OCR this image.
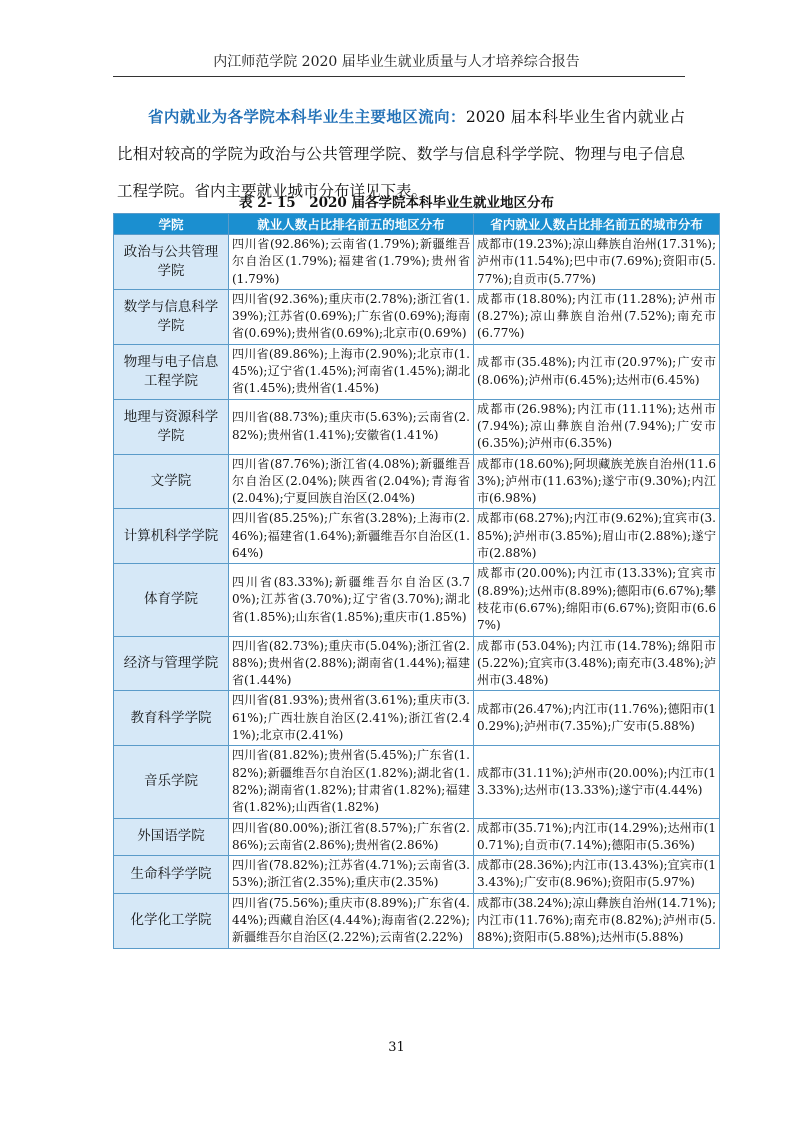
内江师范学院 2020 届毕业生就业质量与人才培养综合报告
省内就业为各学院本科毕业生主要地区流向：2020 届本科毕业生省内就业占比相对较高的学院为政治与公共管理学院、数学与信息科学学院、物理与电子信息工程学院。省内主要就业城市分布详见下表。
表 2- 15　2020 届各学院本科毕业生就业地区分布
学院	就业人数占比排名前五的地区分布	省内就业人数占比排名前五的城市分布
政治与公共管理学院	四川省(92.86%);云南省(1.79%);新疆维吾尔自治区(1.79%);福建省(1.79%);贵州省(1.79%)	成都市(19.23%);凉山彝族自治州(17.31%);泸州市(11.54%);巴中市(7.69%);资阳市(5.77%);自贡市(5.77%)
数学与信息科学学院	四川省(92.36%);重庆市(2.78%);浙江省(1.39%);江苏省(0.69%);广东省(0.69%);海南省(0.69%);贵州省(0.69%);北京市(0.69%)	成都市(18.80%);内江市(11.28%);泸州市(8.27%);凉山彝族自治州(7.52%);南充市(6.77%)
物理与电子信息工程学院	四川省(89.86%);上海市(2.90%);北京市(1.45%);辽宁省(1.45%);河南省(1.45%);湖北省(1.45%);贵州省(1.45%)	成都市(35.48%);内江市(20.97%);广安市(8.06%);泸州市(6.45%);达州市(6.45%)
地理与资源科学学院	四川省(88.73%);重庆市(5.63%);云南省(2.82%);贵州省(1.41%);安徽省(1.41%)	成都市(26.98%);内江市(11.11%);达州市(7.94%);凉山彝族自治州(7.94%);广安市(6.35%);泸州市(6.35%)
文学院	四川省(87.76%);浙江省(4.08%);新疆维吾尔自治区(2.04%);陕西省(2.04%);青海省(2.04%);宁夏回族自治区(2.04%)	成都市(18.60%);阿坝藏族羌族自治州(11.63%);泸州市(11.63%);遂宁市(9.30%);内江市(6.98%)
计算机科学学院	四川省(85.25%);广东省(3.28%);上海市(2.46%);福建省(1.64%);新疆维吾尔自治区(1.64%)	成都市(68.27%);内江市(9.62%);宜宾市(3.85%);泸州市(3.85%);眉山市(2.88%);遂宁市(2.88%)
体育学院	四川省(83.33%);新疆维吾尔自治区(3.70%);江苏省(3.70%);辽宁省(3.70%);湖北省(1.85%);山东省(1.85%);重庆市(1.85%)	成都市(20.00%);内江市(13.33%);宜宾市(8.89%);达州市(8.89%);德阳市(6.67%);攀枝花市(6.67%);绵阳市(6.67%);资阳市(6.67%)
经济与管理学院	四川省(82.73%);重庆市(5.04%);浙江省(2.88%);贵州省(2.88%);湖南省(1.44%);福建省(1.44%)	成都市(53.04%);内江市(14.78%);绵阳市(5.22%);宜宾市(3.48%);南充市(3.48%);泸州市(3.48%)
教育科学学院	四川省(81.93%);贵州省(3.61%);重庆市(3.61%);广西壮族自治区(2.41%);浙江省(2.41%);北京市(2.41%)	成都市(26.47%);内江市(11.76%);德阳市(10.29%);泸州市(7.35%);广安市(5.88%)
音乐学院	四川省(81.82%);贵州省(5.45%);广东省(1.82%);新疆维吾尔自治区(1.82%);湖北省(1.82%);湖南省(1.82%);甘肃省(1.82%);福建省(1.82%);山西省(1.82%)	成都市(31.11%);泸州市(20.00%);内江市(13.33%);达州市(13.33%);遂宁市(4.44%)
外国语学院	四川省(80.00%);浙江省(8.57%);广东省(2.86%);云南省(2.86%);贵州省(2.86%)	成都市(35.71%);内江市(14.29%);达州市(10.71%);自贡市(7.14%);德阳市(5.36%)
生命科学学院	四川省(78.82%);江苏省(4.71%);云南省(3.53%);浙江省(2.35%);重庆市(2.35%)	成都市(28.36%);内江市(13.43%);宜宾市(13.43%);广安市(8.96%);资阳市(5.97%)
化学化工学院	四川省(75.56%);重庆市(8.89%);广东省(4.44%);西藏自治区(4.44%);海南省(2.22%);新疆维吾尔自治区(2.22%);云南省(2.22%)	成都市(38.24%);凉山彝族自治州(14.71%);内江市(11.76%);南充市(8.82%);泸州市(5.88%);资阳市(5.88%);达州市(5.88%)
31
